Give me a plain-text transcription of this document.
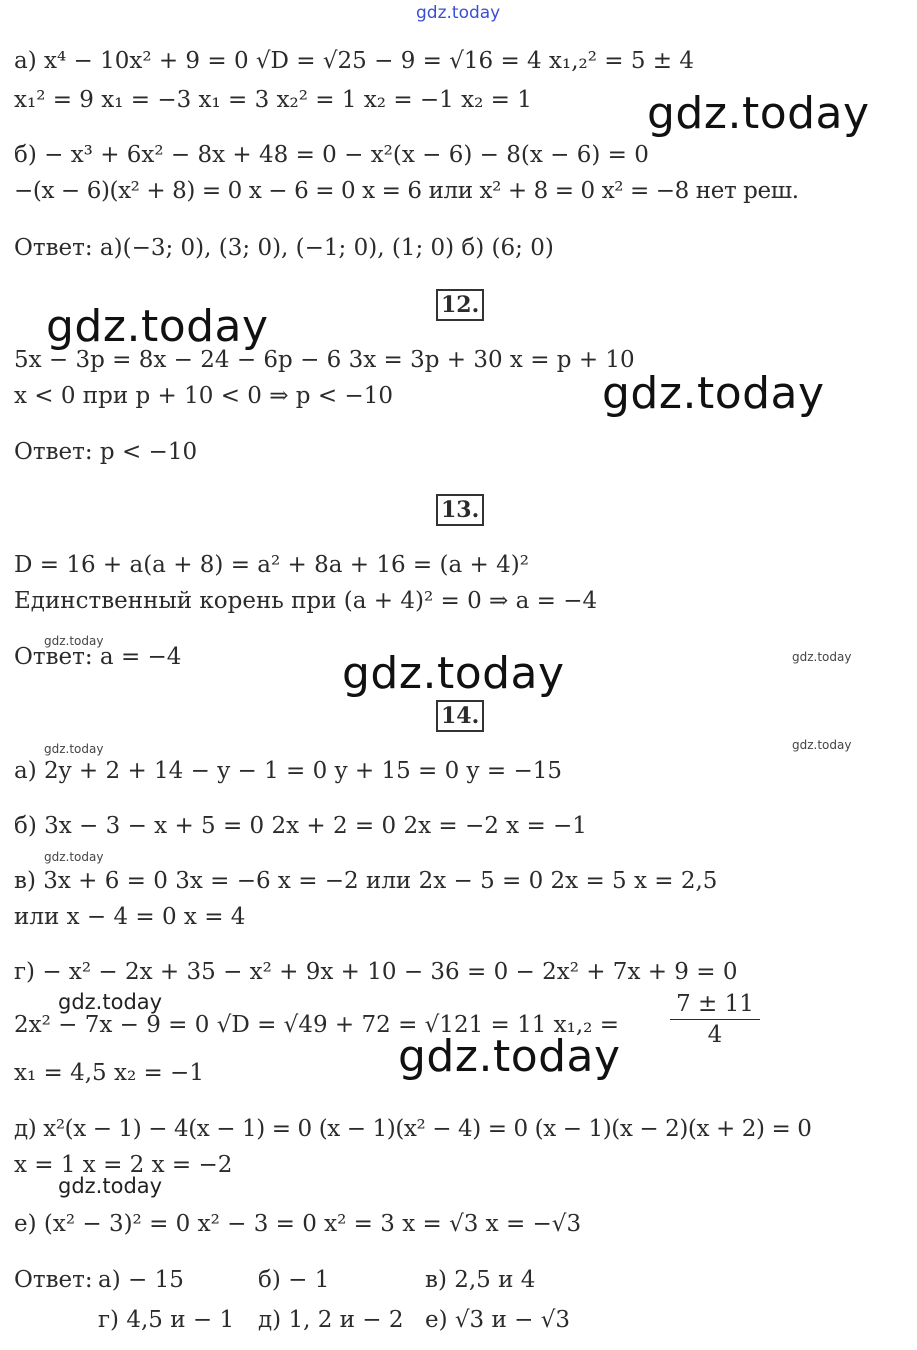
gdz.today
а) x⁴ − 10x² + 9 = 0 √D = √25 − 9 = √16 = 4 x₁,₂² = 5 ± 4
x₁² = 9 x₁ = −3 x₁ = 3 x₂² = 1 x₂ = −1 x₂ = 1	gdz.today
б) − x³ + 6x² − 8x + 48 = 0 − x²(x − 6) − 8(x − 6) = 0
−(x − 6)(x² + 8) = 0 x − 6 = 0 x = 6 или x² + 8 = 0 x² = −8 нет реш.
Ответ: а)(−3; 0), (3; 0), (−1; 0), (1; 0) б) (6; 0)
12.
gdz.today
5x − 3p = 8x − 24 − 6p − 6 3x = 3p + 30 x = p + 10
x < 0 при p + 10 < 0 ⇒ p < −10	gdz.today
Ответ: p < −10
13.
D = 16 + a(a + 8) = a² + 8a + 16 = (a + 4)²
Единственный корень при (a + 4)² = 0 ⇒ a = −4
gdz.today
Ответ: a = −4	gdz.today
gdz.today
14.
gdz.today	gdz.today
а) 2y + 2 + 14 − y − 1 = 0 y + 15 = 0 y = −15
б) 3x − 3 − x + 5 = 0 2x + 2 = 0 2x = −2 x = −1
gdz.today
в) 3x + 6 = 0 3x = −6 x = −2 или 2x − 5 = 0 2x = 5 x = 2,5
или x − 4 = 0 x = 4
г) − x² − 2x + 35 − x² + 9x + 10 − 36 = 0 − 2x² + 7x + 9 = 0
gdz.today
2x² − 7x − 9 = 0 √D = √49 + 72 = √121 = 11 $x_1,_2 = \frac{7 \pm 11}{4}$
gdz.today
x₁ = 4,5 x₂ = −1
д) x²(x − 1) − 4(x − 1) = 0 (x − 1)(x² − 4) = 0 (x − 1)(x − 2)(x + 2) = 0
x = 1 x = 2 x = −2
gdz.today
е) (x² − 3)² = 0 x² − 3 = 0 x² = 3 x = √3 x = −√3
Ответ: а) − 15	б) − 1	в) 2,5 и 4
г) 4,5 и − 1 д) 1, 2 и − 2 е) √3 и − √3
